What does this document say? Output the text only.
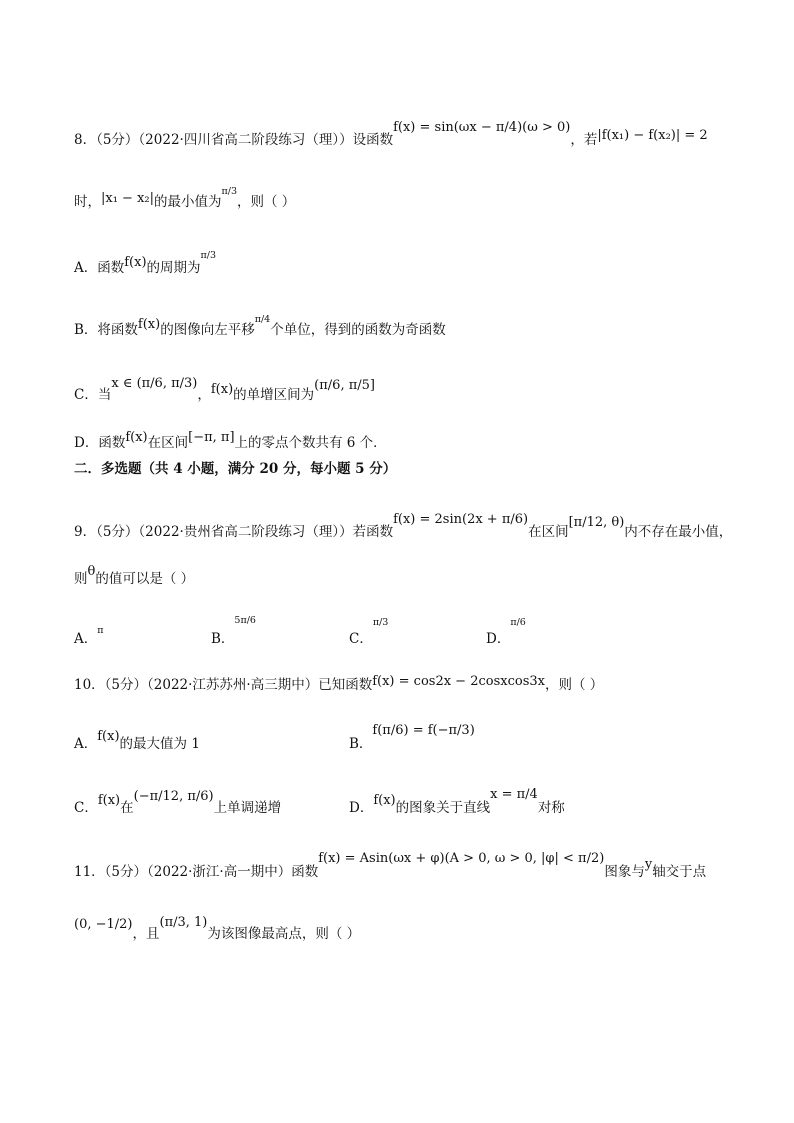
8．（5分）（2022·四川省高二阶段练习（理））设函数f(x) = sin(ωx − π/4)(ω > 0)，若|f(x₁) − f(x₂)| = 2
时，|x₁ − x₂|的最小值为$^{\pi/3}$，则（ ）
A．函数f(x)的周期为$^{\pi/3}$
B．将函数f(x)的图像向左平移$^{\pi/4}$个单位，得到的函数为奇函数
C．当x ∈ (π/6, π/3)，f(x)的单增区间为(π/6, π/5]
D．函数f(x)在区间[−π, π]上的零点个数共有 6 个．
二．多选题（共 4 小题，满分 20 分，每小题 5 分）
9．（5分）（2022·贵州省高二阶段练习（理））若函数f(x) = 2sin(2x + π/6)在区间[π/12, θ)内不存在最小值，
则θ的值可以是（ ）
A．$^\pi$
B．$^{5\pi/6}$
C．$^{\pi/3}$
D．$^{\pi/6}$
10．（5分）（2022·江苏苏州·高三期中）已知函数f(x) = cos2x − 2cosxcos3x，则（ ）
A．f(x)的最大值为 1	B．f(π/6) = f(−π/3)
C．f(x)在(−π/12, π/6)上单调递增	D．f(x)的图象关于直线x = π/4对称
11．（5分）（2022·浙江·高一期中）函数f(x) = Asin(ωx + φ)(A > 0, ω > 0, |φ| < π/2)图象与y轴交于点
(0, −1/2)，且(π/3, 1)为该图像最高点，则（ ）
